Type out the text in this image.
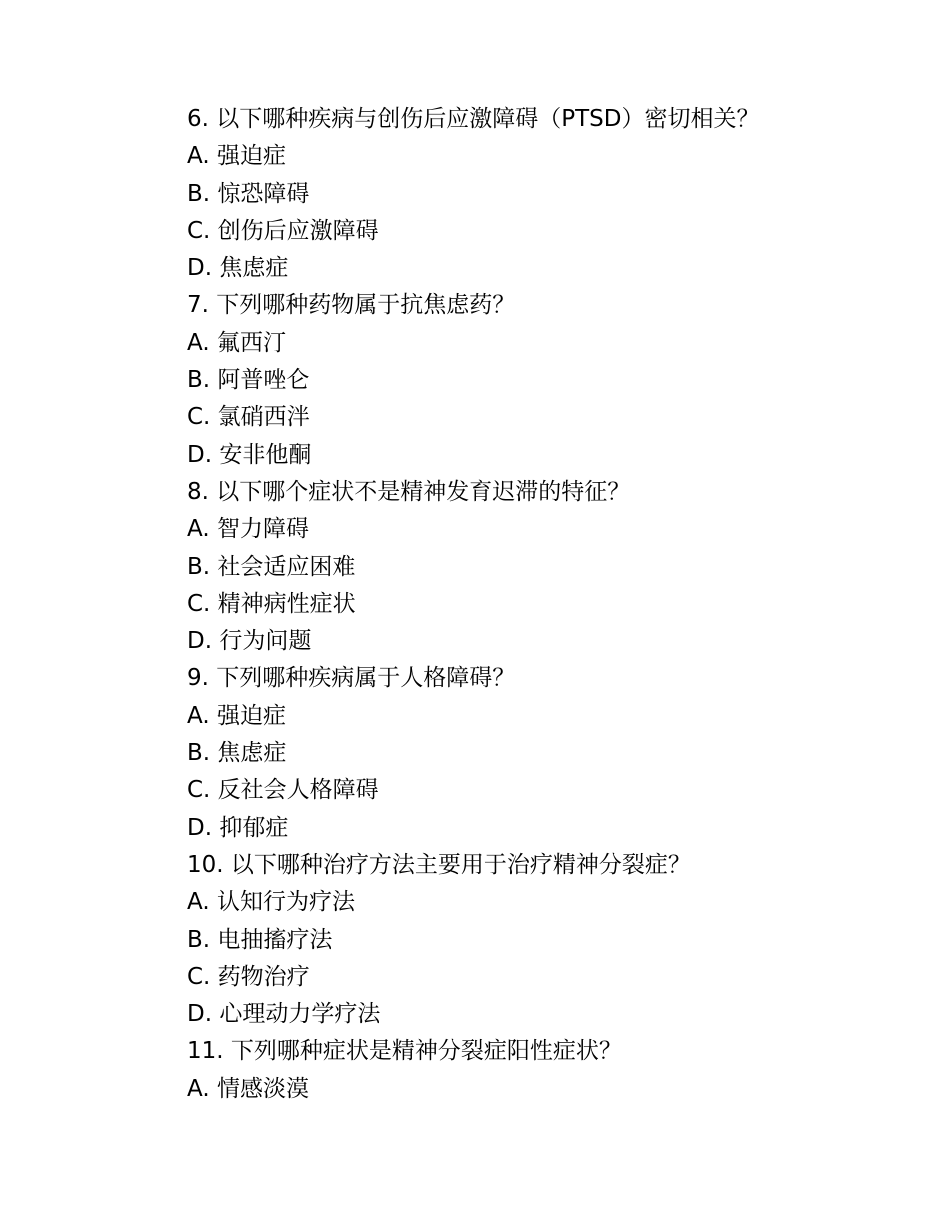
6. 以下哪种疾病与创伤后应激障碍（PTSD）密切相关？
A. 强迫症
B. 惊恐障碍
C. 创伤后应激障碍
D. 焦虑症
7. 下列哪种药物属于抗焦虑药？
A. 氟西汀
B. 阿普唑仑
C. 氯硝西泮
D. 安非他酮
8. 以下哪个症状不是精神发育迟滞的特征？
A. 智力障碍
B. 社会适应困难
C. 精神病性症状
D. 行为问题
9. 下列哪种疾病属于人格障碍？
A. 强迫症
B. 焦虑症
C. 反社会人格障碍
D. 抑郁症
10. 以下哪种治疗方法主要用于治疗精神分裂症？
A. 认知行为疗法
B. 电抽搐疗法
C. 药物治疗
D. 心理动力学疗法
11. 下列哪种症状是精神分裂症阳性症状？
A. 情感淡漠
